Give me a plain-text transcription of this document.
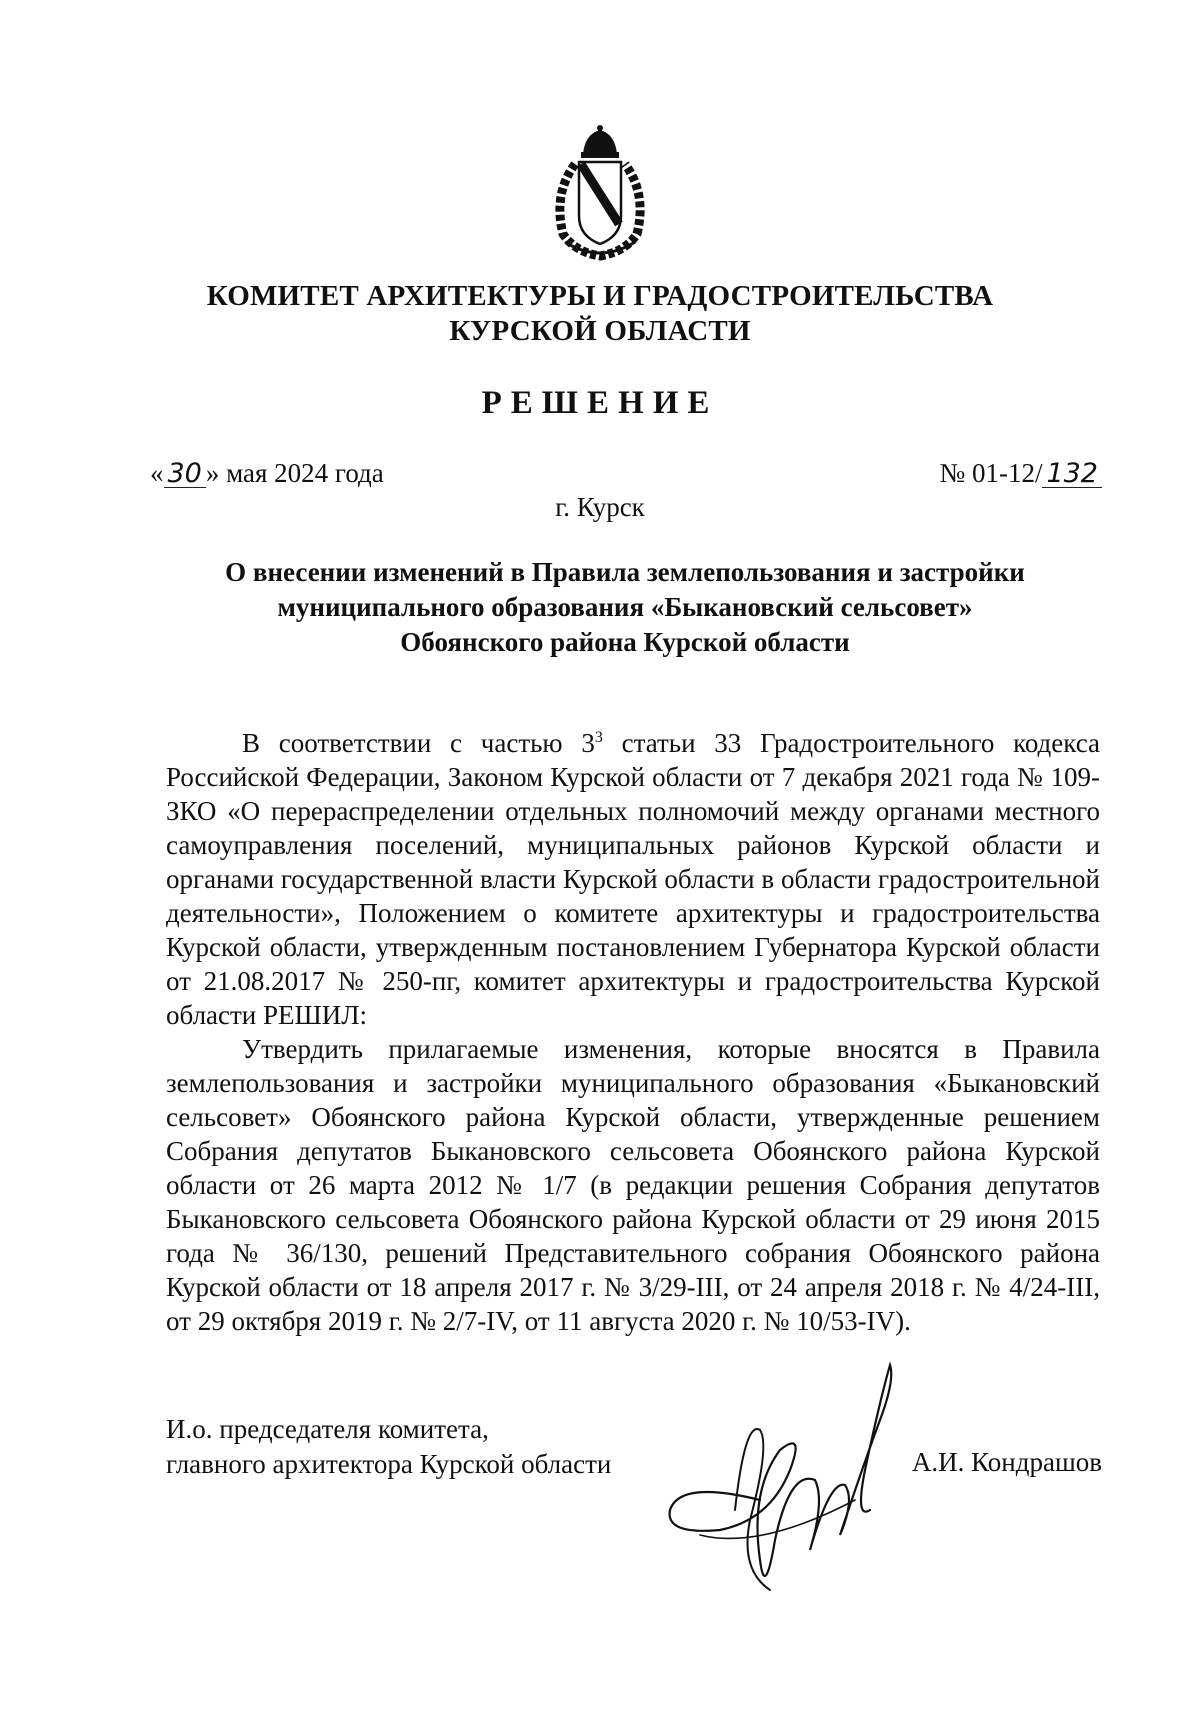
КОМИТЕТ АРХИТЕКТУРЫ И ГРАДОСТРОИТЕЛЬСТВА
КУРСКОЙ ОБЛАСТИ
РЕШЕНИЕ
« 30 » мая 2024 года	№ 01-12/ 132
г. Курск
О внесении изменений в Правила землепользования и застройки
муниципального образования «Быкановский сельсовет»
Обоянского района Курской области

В соответствии с частью $3^3$ статьи 33 Градостроительного кодекса Российской Федерации, Законом Курской области от 7 декабря 2021 года № 109-ЗКО «О перераспределении отдельных полномочий между органами местного самоуправления поселений, муниципальных районов Курской области и органами государственной власти Курской области в области градостроительной деятельности», Положением о комитете архитектуры и градостроительства Курской области, утвержденным постановлением Губернатора Курской области от 21.08.2017 № 250-пг, комитет архитектуры и градостроительства Курской области РЕШИЛ:

Утвердить прилагаемые изменения, которые вносятся в Правила землепользования и застройки муниципального образования «Быкановский сельсовет» Обоянского района Курской области, утвержденные решением Собрания депутатов Быкановского сельсовета Обоянского района Курской области от 26 марта 2012 № 1/7 (в редакции решения Собрания депутатов Быкановского сельсовета Обоянского района Курской области от 29 июня 2015 года № 36/130, решений Представительного собрания Обоянского района Курской области от 18 апреля 2017 г. № 3/29-III, от 24 апреля 2018 г. № 4/24-III, от 29 октября 2019 г. № 2/7-IV, от 11 августа 2020 г. № 10/53-IV).

И.о. председателя комитета,
главного архитектора Курской области	А.И. Кондрашов
